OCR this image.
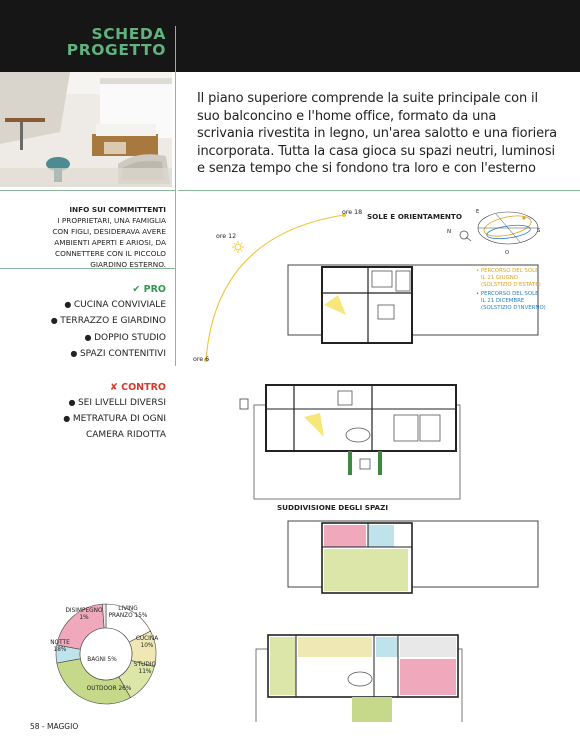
SCHEDA
PROGETTO

Il piano superiore comprende la suite principale con il suo balconcino e l'home office, formato da una scrivania rivestita in legno, un'area salotto e una fioriera incorporata. Tutta la casa gioca su spazi neutri, luminosi e senza tempo che si fondono tra loro e con l'esterno

INFO SUI COMMITTENTI
I PROPRIETARI, UNA FAMIGLIA
CON FIGLI, DESIDERAVA AVERE
AMBIENTI APERTI E ARIOSI, DA
CONNETTERE CON IL PICCOLO
GIARDINO ESTERNO.
✔ PRO
● CUCINA CONVIVIALE
● TERRAZZO E GIARDINO
● DOPPIO STUDIO
● SPAZI CONTENITIVI
✘ CONTRO
● SEI LIVELLI DIVERSI
● METRATURA DI OGNI
CAMERA RIDOTTA
ore 18
ore 12
ore 6
SOLE E ORIENTAMENTO	E
S
O
N
• PERCORSO DEL SOLE
IL 21 GIUGNO
(SOLSTIZIO D'ESTATE)
• PERCORSO DEL SOLE
IL 21 DICEMBRE
(SOLSTIZIO D'INVERNO)
SUDDIVISIONE DEGLI SPAZI
LIVING
PRANZO 15%
CUCINA
10%
STUDIO
11%
OUTDOOR 26%
BAGNI 5%
NOTTE
18%
DISIMPEGNO
1%
58 - MAGGIO
